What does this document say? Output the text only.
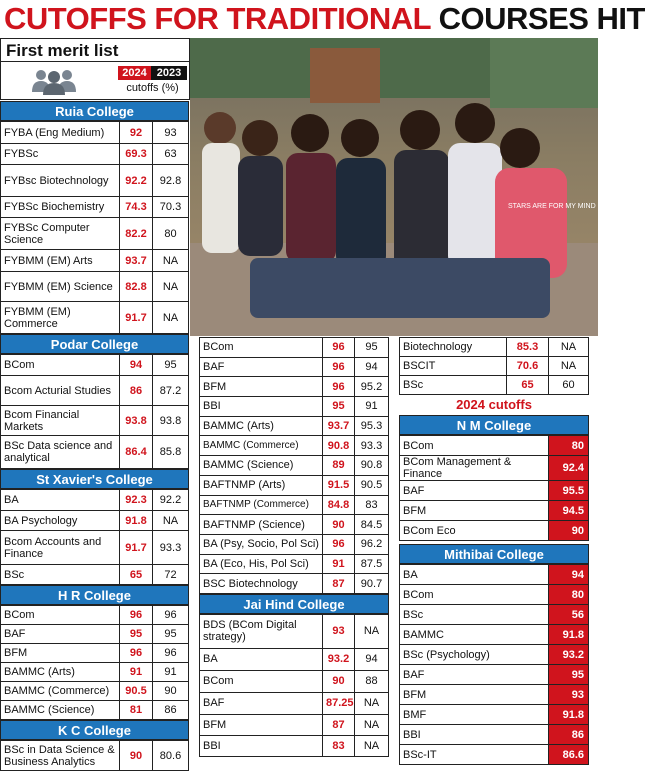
CUTOFFS FOR TRADITIONAL COURSES HIT
First merit list
2024 2023
cutoffs (%)
STARS ARE FOR MY MIND
Ruia College
FYBA (Eng Medium)	92	93
FYBSc	69.3	63
FYBsc Biotechnology	92.2	92.8
FYBSc Biochemistry	74.3	70.3
FYBSc Computer Science	82.2	80
FYBMM (EM) Arts	93.7	NA
FYBMM (EM) Science	82.8	NA
FYBMM (EM) Commerce	91.7	NA
Podar College
BCom	94	95
Bcom Acturial Studies	86	87.2
Bcom Financial Markets	93.8	93.8
BSc Data science and analytical	86.4	85.8
St Xavier's College
BA	92.3	92.2
BA Psychology	91.8	NA
Bcom Accounts and Finance	91.7	93.3
BSc	65	72
H R College
BCom	96	96
BAF	95	95
BFM	96	96
BAMMC (Arts)	91	91
BAMMC (Commerce)	90.5	90
BAMMC (Science)	81	86
K C College
BSc in Data Science & Business Analytics	90	80.6
BCom	96	95
BAF	96	94
BFM	96	95.2
BBI	95	91
BAMMC (Arts)	93.7	95.3
BAMMC (Commerce)	90.8	93.3
BAMMC (Science)	89	90.8
BAFTNMP (Arts)	91.5	90.5
BAFTNMP (Commerce)	84.8	83
BAFTNMP (Science)	90	84.5
BA (Psy, Socio, Pol Sci)	96	96.2
BA (Eco, His, Pol Sci)	91	87.5
BSC Biotechnology	87	90.7
Jai Hind College
BDS (BCom Digital strategy)	93	NA
BA	93.2	94
BCom	90	88
BAF	87.25	NA
BFM	87	NA
BBI	83	NA
Biotechnology	85.3	NA
BSCIT	70.6	NA
BSc	65	60
2024 cutoffs
N M College
BCom	80
BCom Management & Finance	92.4
BAF	95.5
BFM	94.5
BCom Eco	90
Mithibai College
BA	94
BCom	80
BSc	56
BAMMC	91.8
BSc (Psychology)	93.2
BAF	95
BFM	93
BMF	91.8
BBI	86
BSc-IT	86.6
